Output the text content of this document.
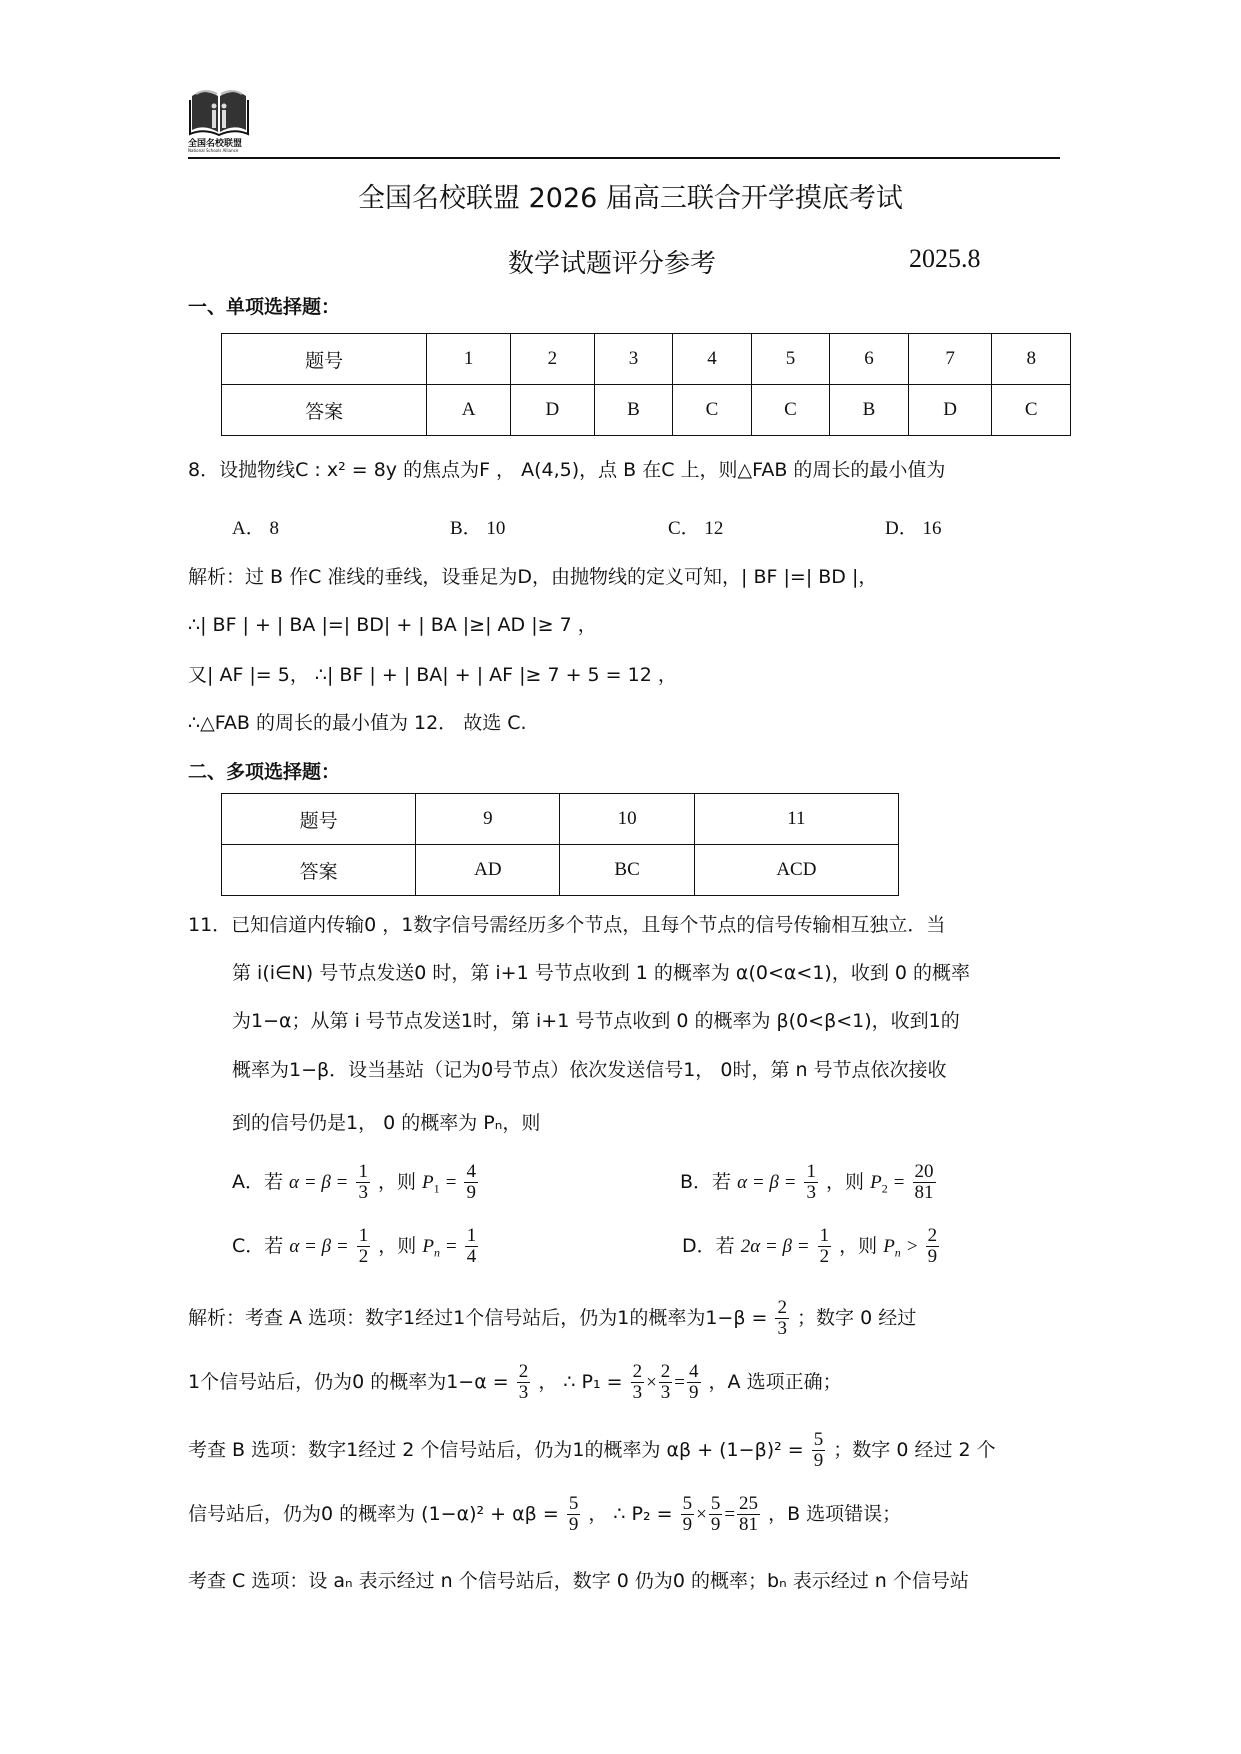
全国名校联盟
National Schools Alliance
全国名校联盟 2026 届高三联合开学摸底考试
数学试题评分参考	2025.8
一、单项选择题：
题号	1	2	3	4	5	6	7	8
答案	A	D	B	C	C	B	D	C
8．设抛物线C : x² = 8y 的焦点为F ， A(4,5)，点 B 在C 上，则△FAB 的周长的最小值为
A． 8	B． 10	C． 12	D． 16
解析：过 B 作C 准线的垂线，设垂足为D，由抛物线的定义可知，| BF |=| BD |，
∴| BF | + | BA |=| BD| + | BA |≥| AD |≥ 7 ，
又| AF |= 5， ∴| BF | + | BA| + | AF |≥ 7 + 5 = 12 ，
∴△FAB 的周长的最小值为 12． 故选 C.
二、多项选择题：
题号	9	10	11
答案	AD	BC	ACD
11．已知信道内传输0 ，1数字信号需经历多个节点，且每个节点的信号传输相互独立．当
第 i(i∈N) 号节点发送0 时，第 i+1 号节点收到 1 的概率为 α(0<α<1)，收到 0 的概率
为1−α；从第 i 号节点发送1时，第 i+1 号节点收到 0 的概率为 β(0<β<1)，收到1的
概率为1−β．设当基站（记为0号节点）依次发送信号1， 0时，第 n 号节点依次接收
到的信号仍是1， 0 的概率为 Pₙ，则
A．若 $\alpha = \beta = \frac{1}{3}$ ，则 $P_1 = \frac{4}{9}$	B．若 $\alpha = \beta = \frac{1}{3}$ ，则 $P_2 = \frac{20}{81}$
C．若 $\alpha = \beta = \frac{1}{2}$ ，则 $P_n = \frac{1}{4}$	D．若 $2\alpha = \beta = \frac{1}{2}$ ，则 $P_n > \frac{2}{9}$
解析：考查 A 选项：数字1经过1个信号站后，仍为1的概率为$1-\beta = \frac{2}{3}$ ；数字 0 经过
1个信号站后，仍为0 的概率为$1-\alpha = \frac{2}{3}$ ， ∴ $P_1 = \frac{2}{3} \times \frac{2}{3} = \frac{4}{9}$ ，A 选项正确；
考查 B 选项：数字1经过 2 个信号站后，仍为1的概率为 $\alpha\beta + (1-\beta)^2 = \frac{5}{9}$ ；数字 0 经过 2 个
信号站后，仍为0 的概率为 $(1-\alpha)^2 + \alpha\beta = \frac{5}{9}$ ， ∴ $P_2 = \frac{5}{9} \times \frac{5}{9} = \frac{25}{81}$ ，B 选项错误；
考查 C 选项：设 aₙ 表示经过 n 个信号站后，数字 0 仍为0 的概率；bₙ 表示经过 n 个信号站
